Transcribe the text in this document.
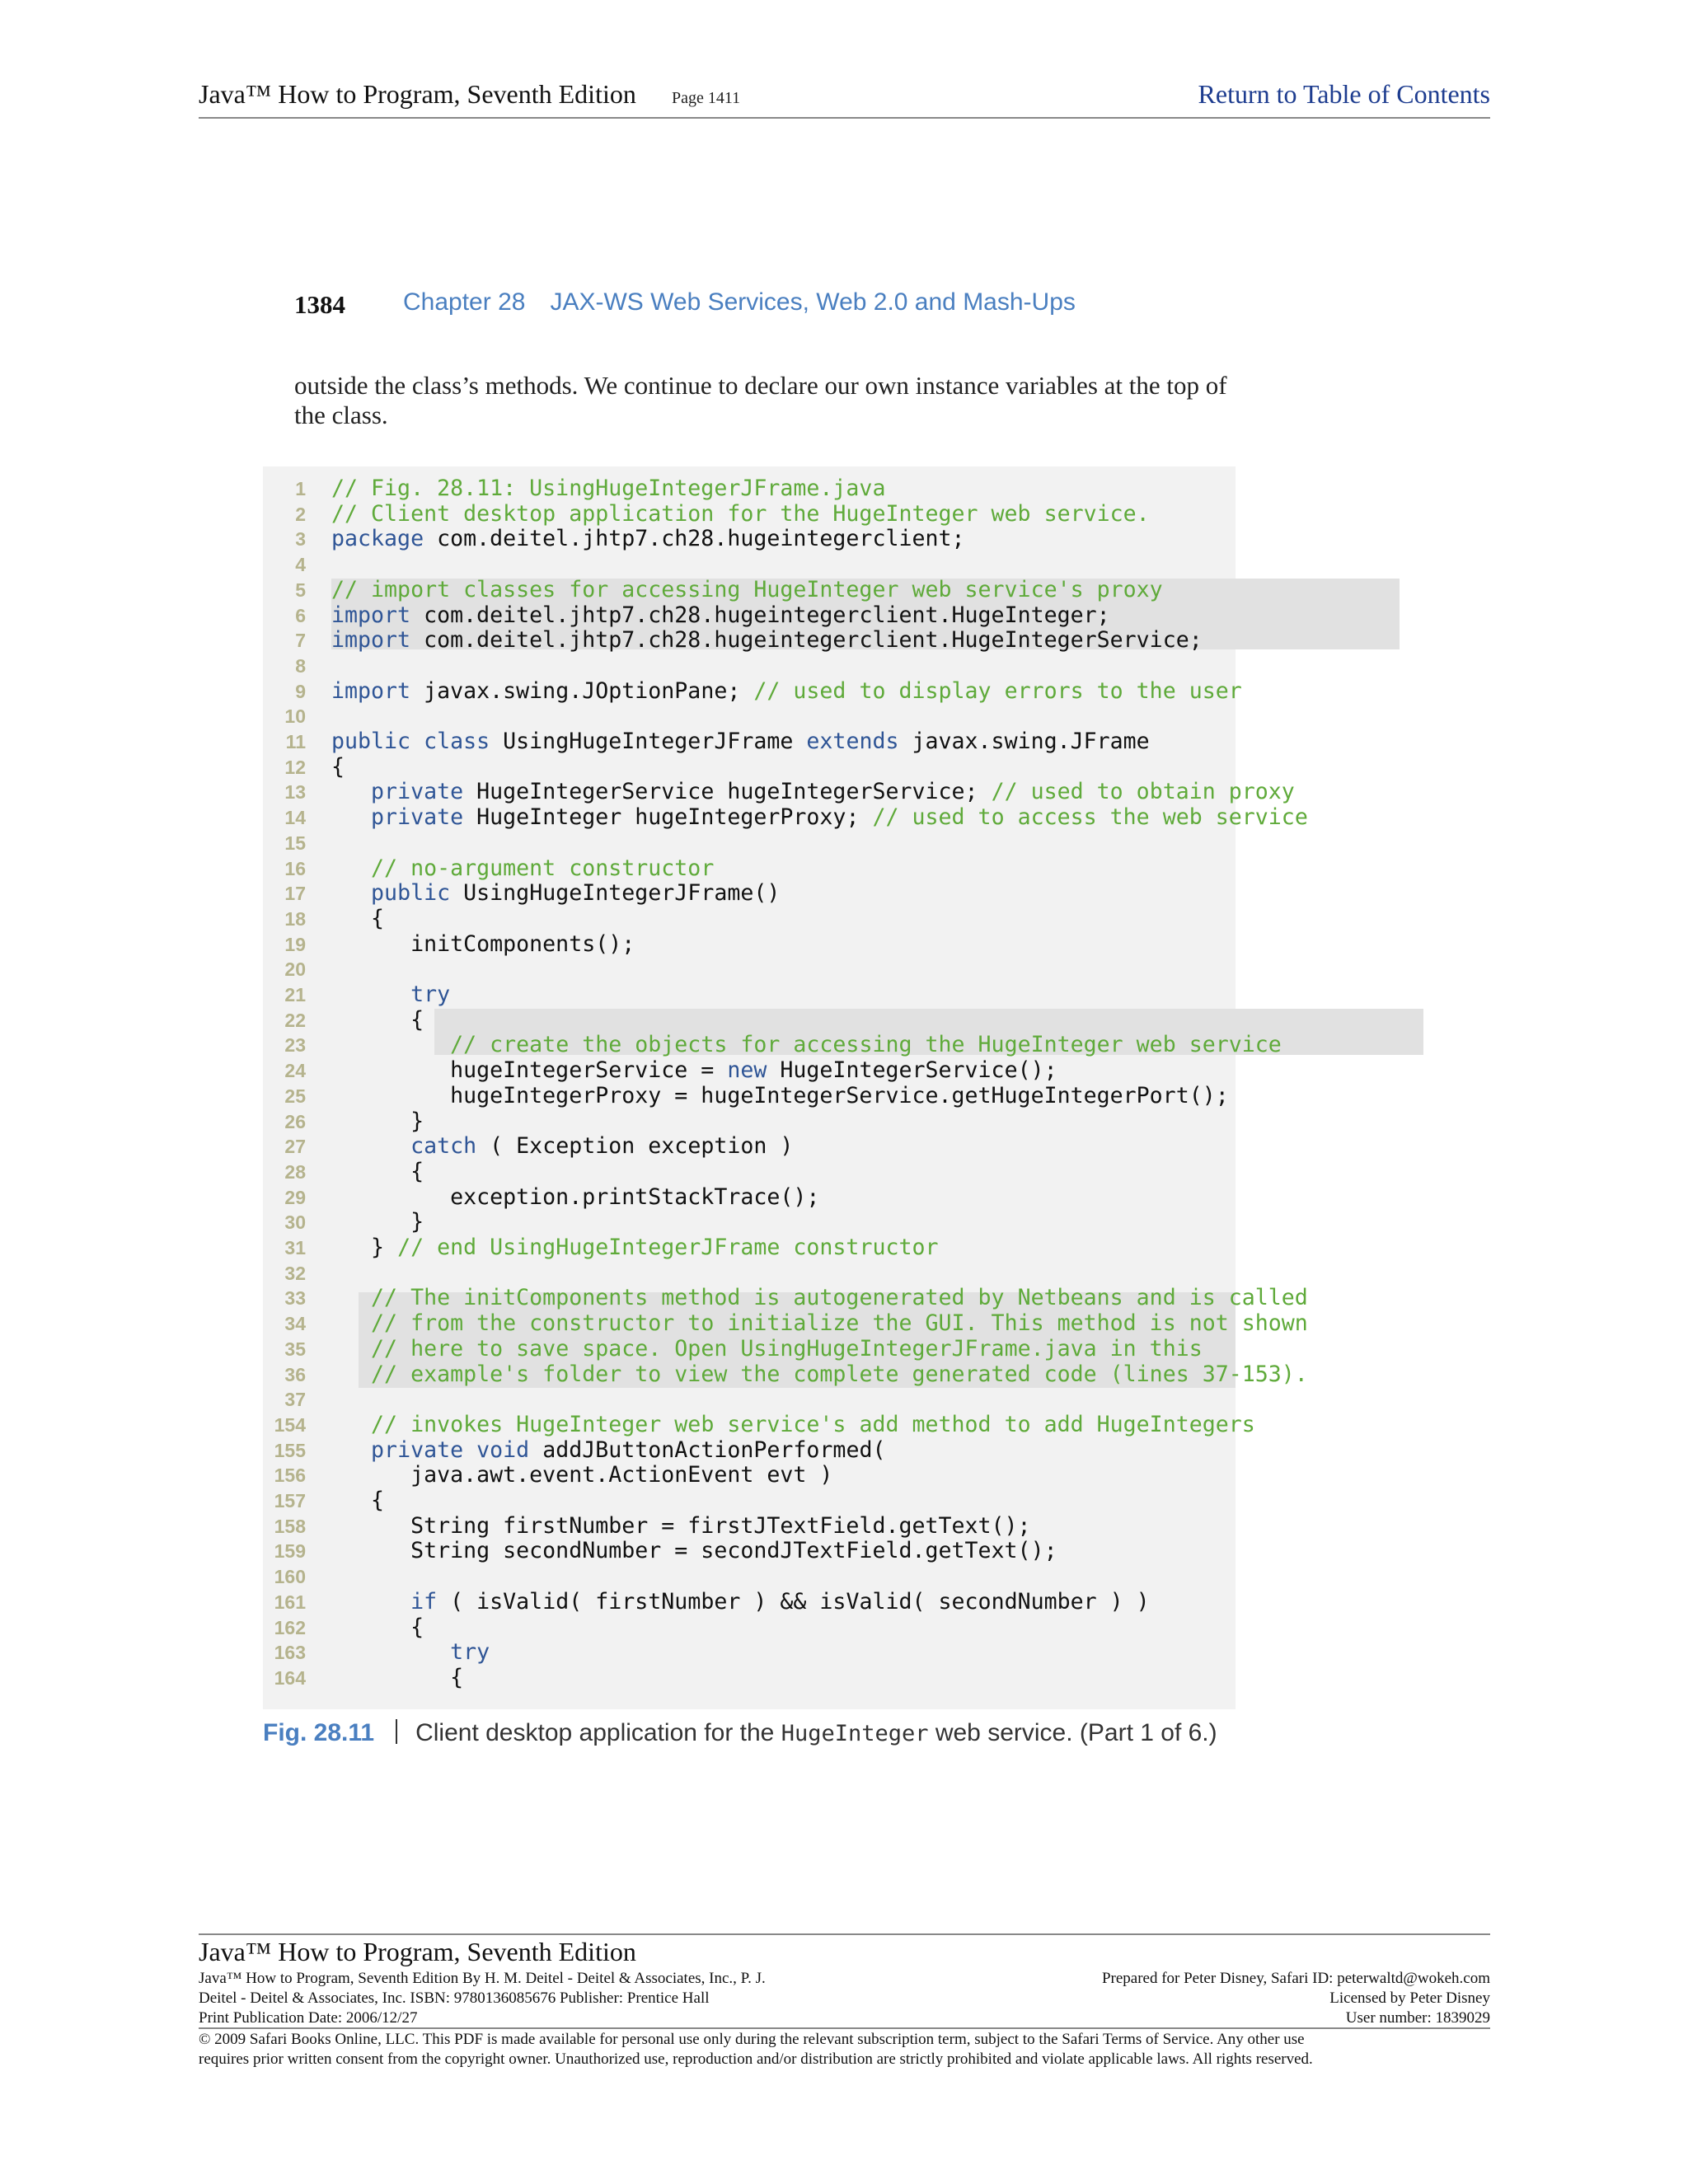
Java™ How to Program, Seventh Edition Page 1411	Return to Table of Contents
1384 Chapter 28 JAX-WS Web Services, Web 2.0 and Mash-Ups

outside the class’s methods. We continue to declare our own instance variables at the top of the class.

1 // Fig. 28.11: UsingHugeIntegerJFrame.java
2 // Client desktop application for the HugeInteger web service.
3 package com.deitel.jhtp7.ch28.hugeintegerclient;
4
5 // import classes for accessing HugeInteger web service's proxy
6 import com.deitel.jhtp7.ch28.hugeintegerclient.HugeInteger;
7 import com.deitel.jhtp7.ch28.hugeintegerclient.HugeIntegerService;
8
9 import javax.swing.JOptionPane; // used to display errors to the user
10
11 public class UsingHugeIntegerJFrame extends javax.swing.JFrame
12 {
13	private HugeIntegerService hugeIntegerService; // used to obtain proxy
14	private HugeInteger hugeIntegerProxy; // used to access the web service
15
16	// no-argument constructor
17	public UsingHugeIntegerJFrame()
18 {
19 initComponents();
20
21	try
22 {
23	// create the objects for accessing the HugeInteger web service
24 hugeIntegerService = new HugeIntegerService();
25 hugeIntegerProxy = hugeIntegerService.getHugeIntegerPort();
26 }
27	catch ( Exception exception )
28 {
29 exception.printStackTrace();
30 }
31 } // end UsingHugeIntegerJFrame constructor
32
33	// The initComponents method is autogenerated by Netbeans and is called
34	// from the constructor to initialize the GUI. This method is not shown
35	// here to save space. Open UsingHugeIntegerJFrame.java in this
36	// example's folder to view the complete generated code (lines 37-153).
37
154	// invokes HugeInteger web service's add method to add HugeIntegers
155	private void addJButtonActionPerformed(
156 java.awt.event.ActionEvent evt )
157 {
158 String firstNumber = firstJTextField.getText();
159 String secondNumber = secondJTextField.getText();
160
161	if ( isValid( firstNumber ) && isValid( secondNumber ) )
162 {
163	try
164 {
Fig. 28.11 Client desktop application for the HugeInteger web service. (Part 1 of 6.)
Java™ How to Program, Seventh Edition
Java™ How to Program, Seventh Edition By H. M. Deitel - Deitel & Associates, Inc., P. J.
Deitel - Deitel & Associates, Inc. ISBN: 9780136085676 Publisher: Prentice Hall
Print Publication Date: 2006/12/27
Prepared for Peter Disney, Safari ID: peterwaltd@wokeh.com
Licensed by Peter Disney
User number: 1839029
© 2009 Safari Books Online, LLC. This PDF is made available for personal use only during the relevant subscription term, subject to the Safari Terms of Service. Any other use
requires prior written consent from the copyright owner. Unauthorized use, reproduction and/or distribution are strictly prohibited and violate applicable laws. All rights reserved.
